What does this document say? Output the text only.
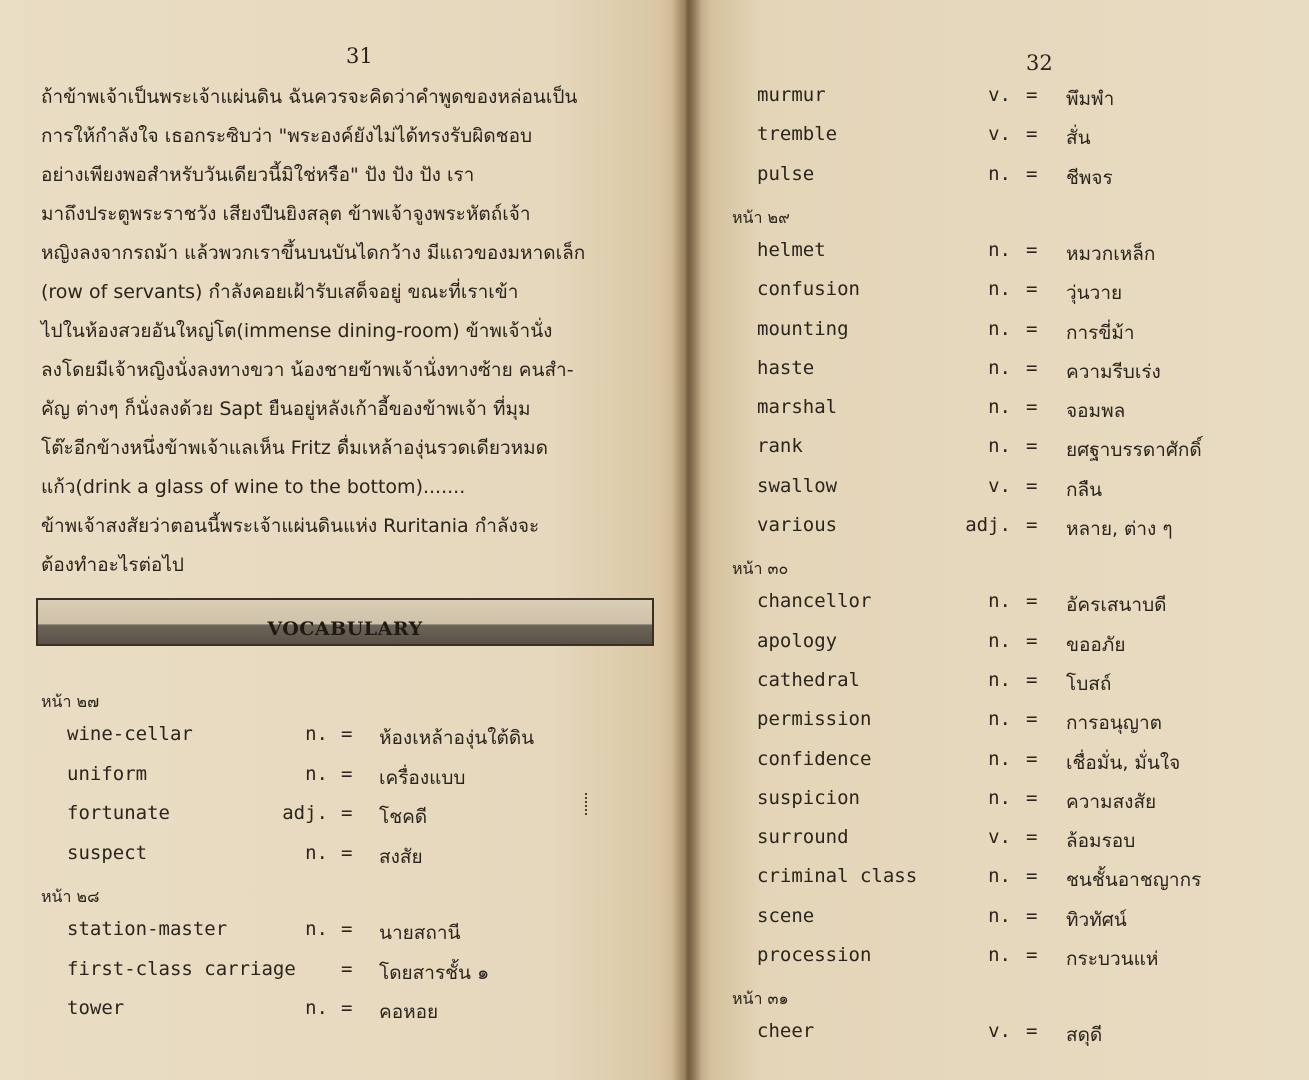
31
ถ้าข้าพเจ้าเป็นพระเจ้าแผ่นดิน ฉันควรจะคิดว่าคำพูดของหล่อนเป็น
การให้กำลังใจ เธอกระซิบว่า "พระองค์ยังไม่ได้ทรงรับผิดชอบ
อย่างเพียงพอสำหรับวันเดียวนี้มิใช่หรือ" ปัง ปัง ปัง เรา
มาถึงประตูพระราชวัง เสียงปืนยิงสลุต ข้าพเจ้าจูงพระหัตถ์เจ้า
หญิงลงจากรถม้า แล้วพวกเราขึ้นบนบันไดกว้าง มีแถวของมหาดเล็ก
(row of servants) กำลังคอยเฝ้ารับเสด็จอยู่ ขณะที่เราเข้า
ไปในห้องสวยอันใหญ่โต(immense dining-room) ข้าพเจ้านั่ง
ลงโดยมีเจ้าหญิงนั่งลงทางขวา น้องชายข้าพเจ้านั่งทางซ้าย คนสำ-
คัญ ต่างๆ ก็นั่งลงด้วย Sapt ยืนอยู่หลังเก้าอี้ของข้าพเจ้า ที่มุม
โต๊ะอีกข้างหนึ่งข้าพเจ้าแลเห็น Fritz ดื่มเหล้าองุ่นรวดเดียวหมด
แก้ว(drink a glass of wine to the bottom).......
ข้าพเจ้าสงสัยว่าตอนนี้พระเจ้าแผ่นดินแห่ง Ruritania กำลังจะ
ต้องทำอะไรต่อไป
VOCABULARY
หน้า ๒๗
wine-cellar	n. = ห้องเหล้าองุ่นใต้ดิน
uniform	n. = เครื่องแบบ
fortunate	adj. = โชคดี
suspect	n. = สงสัย
หน้า ๒๘
station-master	n. = นายสถานี
first-class carriage = โดยสารชั้น ๑
tower	n. = คอหอย
32
murmur	v. = พึมพำ
tremble	v. = สั่น
pulse	n. = ชีพจร
หน้า ๒๙
helmet	n. = หมวกเหล็ก
confusion	n. = วุ่นวาย
mounting	n. = การขี่ม้า
haste	n. = ความรีบเร่ง
marshal	n. = จอมพล
rank	n. = ยศฐาบรรดาศักดิ์
swallow	v. = กลืน
various	adj. = หลาย, ต่าง ๆ
หน้า ๓๐
chancellor	n. = อัครเสนาบดี
apology	n. = ขออภัย
cathedral	n. = โบสถ์
permission	n. = การอนุญาต
confidence	n. = เชื่อมั่น, มั่นใจ
suspicion	n. = ความสงสัย
surround	v. = ล้อมรอบ
criminal class	n. = ชนชั้นอาชญากร
scene	n. = ทิวทัศน์
procession	n. = กระบวนแห่
หน้า ๓๑
cheer	v. = สดุดี
